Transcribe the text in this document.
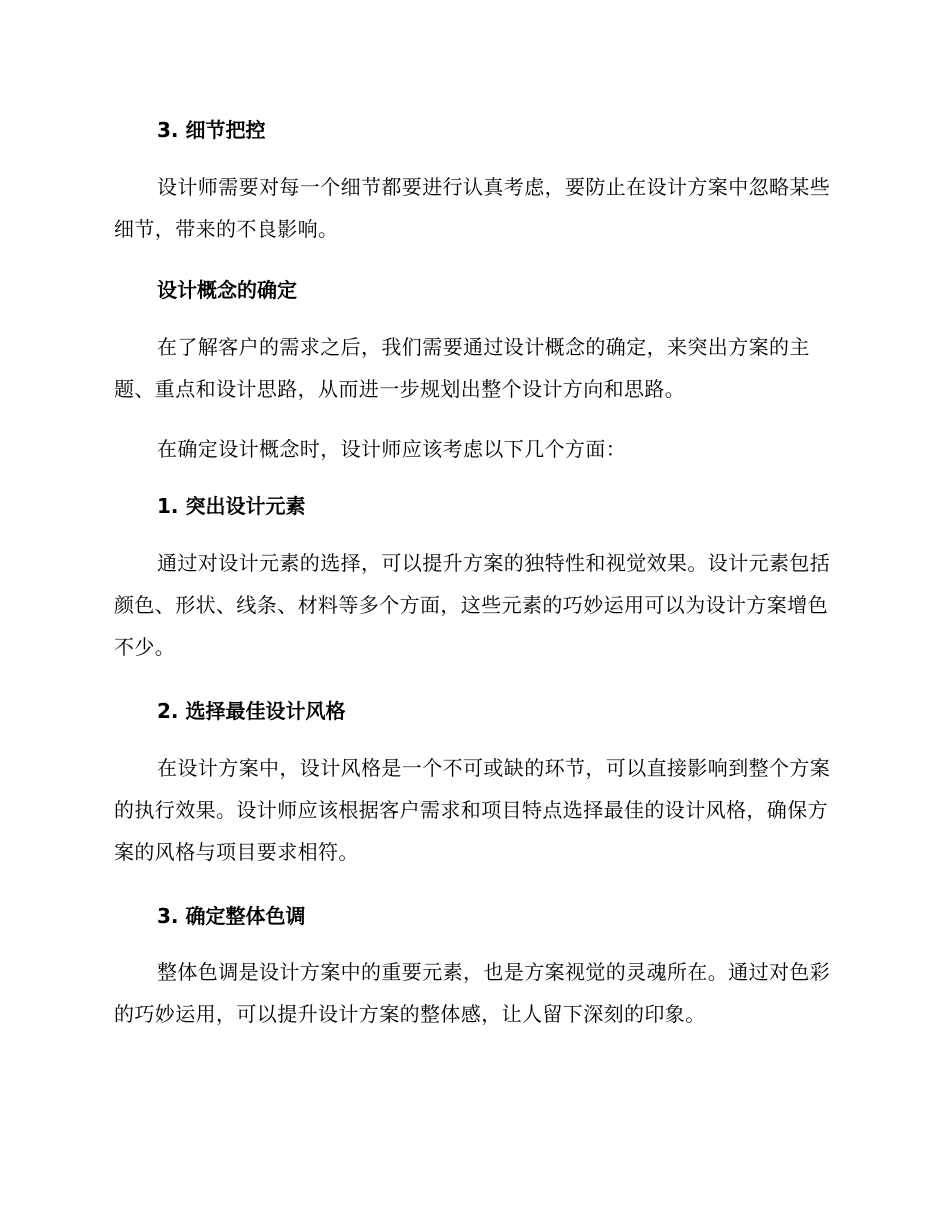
3. 细节把控
设计师需要对每一个细节都要进行认真考虑，要防止在设计方案中忽略某些细节，带来的不良影响。
设计概念的确定
在了解客户的需求之后，我们需要通过设计概念的确定，来突出方案的主题、重点和设计思路，从而进一步规划出整个设计方向和思路。
在确定设计概念时，设计师应该考虑以下几个方面：
1. 突出设计元素
通过对设计元素的选择，可以提升方案的独特性和视觉效果。设计元素包括颜色、形状、线条、材料等多个方面，这些元素的巧妙运用可以为设计方案增色不少。
2. 选择最佳设计风格
在设计方案中，设计风格是一个不可或缺的环节，可以直接影响到整个方案的执行效果。设计师应该根据客户需求和项目特点选择最佳的设计风格，确保方案的风格与项目要求相符。
3. 确定整体色调
整体色调是设计方案中的重要元素，也是方案视觉的灵魂所在。通过对色彩的巧妙运用，可以提升设计方案的整体感，让人留下深刻的印象。
